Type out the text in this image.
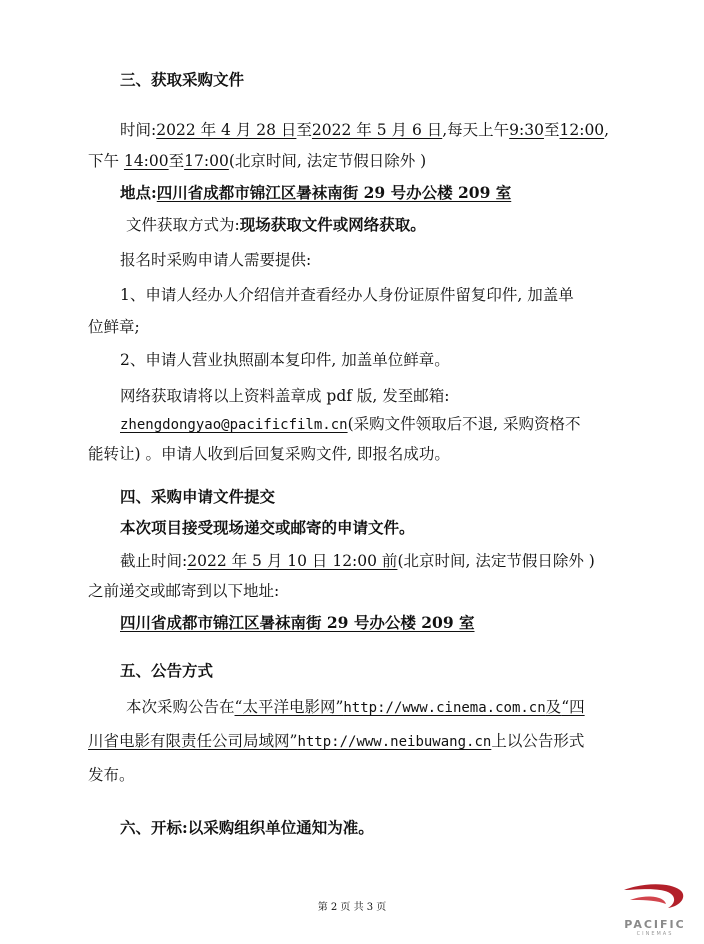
三、获取采购文件
时间:2022 年 4 月 28 日至2022 年 5 月 6 日,每天上午9:30至12:00,
下午 14:00至17:00(北京时间, 法定节假日除外 )
地点:四川省成都市锦江区暑袜南街 29 号办公楼 209 室
文件获取方式为:现场获取文件或网络获取。
报名时采购申请人需要提供:
1、申请人经办人介绍信并查看经办人身份证原件留复印件, 加盖单
位鲜章;
2、申请人营业执照副本复印件, 加盖单位鲜章。
网络获取请将以上资料盖章成 pdf 版, 发至邮箱:
zhengdongyao@pacificfilm.cn(采购文件领取后不退, 采购资格不
能转让) 。申请人收到后回复采购文件, 即报名成功。
四、采购申请文件提交
本次项目接受现场递交或邮寄的申请文件。
截止时间:2022 年 5 月 10 日 12:00 前(北京时间, 法定节假日除外 )
之前递交或邮寄到以下地址:
四川省成都市锦江区暑袜南街 29 号办公楼 209 室
五、公告方式
本次采购公告在“太平洋电影网”http://www.cinema.com.cn及“四
川省电影有限责任公司局域网”http://www.neibuwang.cn上以公告形式
发布。
六、开标:以采购组织单位通知为准。
第 2 页 共 3 页
PACIFIC
CINEMAS
